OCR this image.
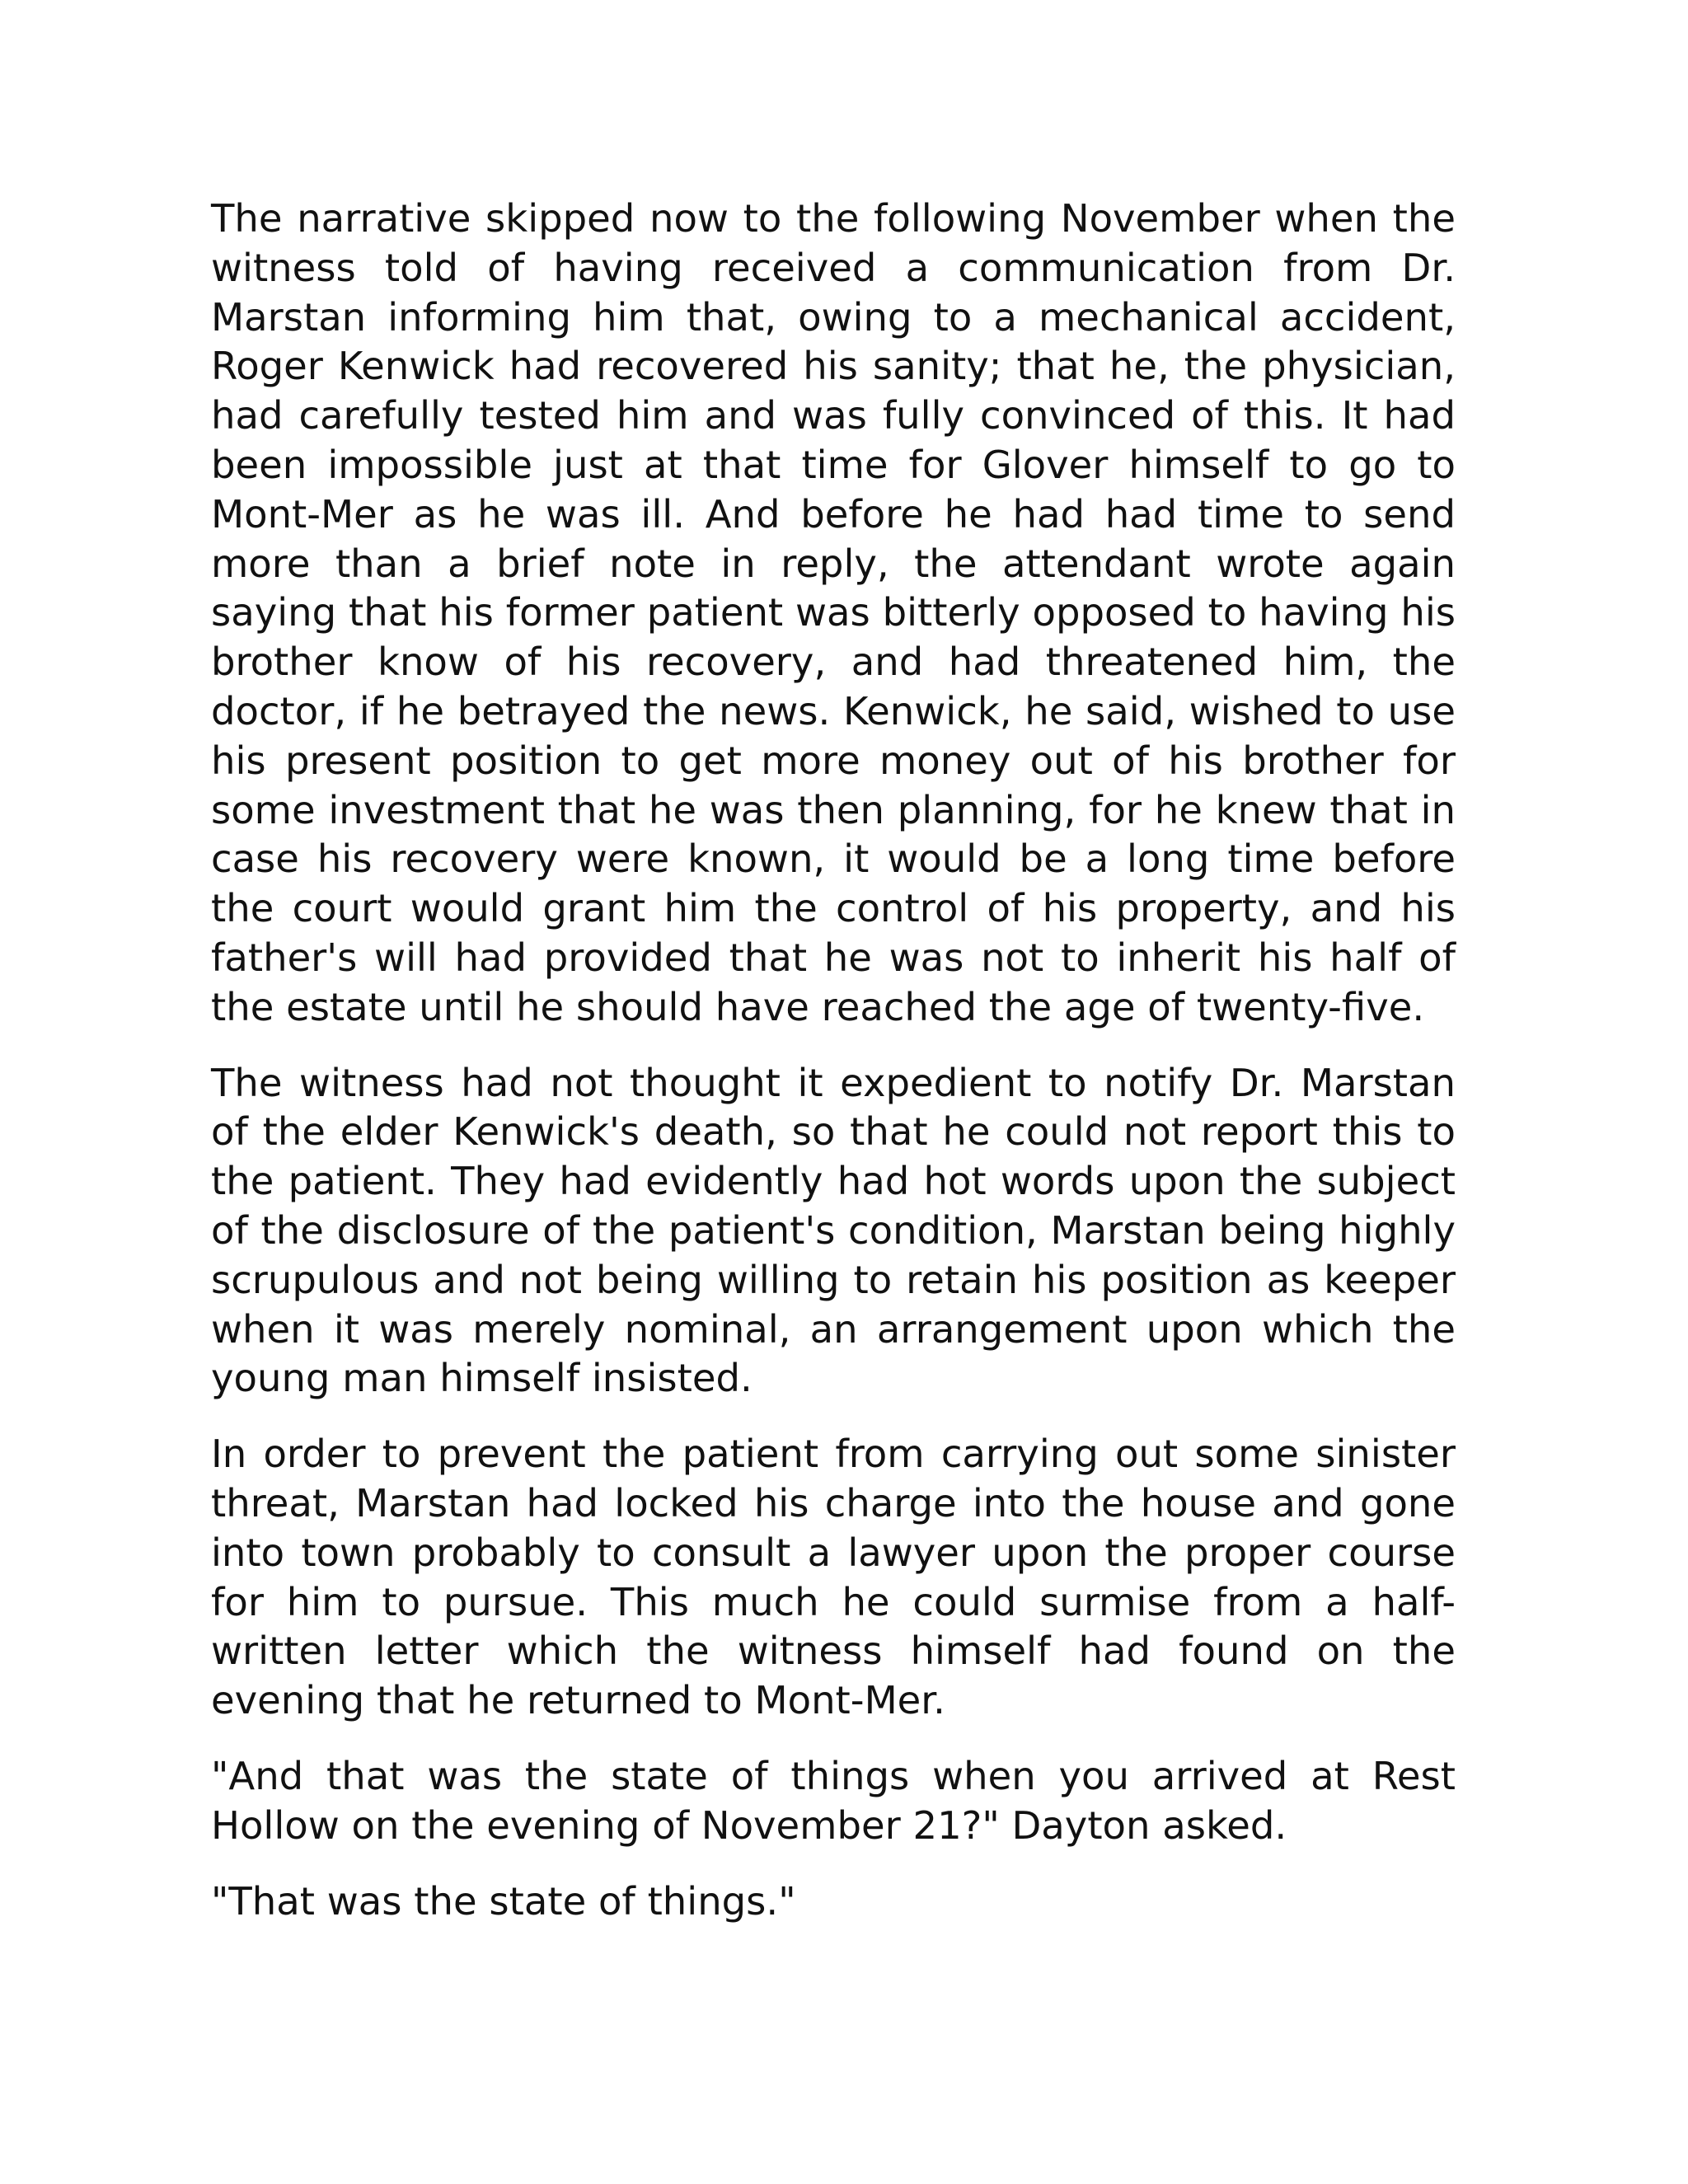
The narrative skipped now to the following November when the witness told of having received a communication from Dr. Marstan informing him that, owing to a mechanical accident, Roger Kenwick had recovered his sanity; that he, the physician, had carefully tested him and was fully convinced of this. It had been impossible just at that time for Glover himself to go to Mont-Mer as he was ill. And before he had had time to send more than a brief note in reply, the attendant wrote again saying that his former patient was bitterly opposed to having his brother know of his recovery, and had threatened him, the doctor, if he betrayed the news. Kenwick, he said, wished to use his present position to get more money out of his brother for some investment that he was then planning, for he knew that in case his recovery were known, it would be a long time before the court would grant him the control of his property, and his father's will had provided that he was not to inherit his half of the estate until he should have reached the age of twenty-five.

The witness had not thought it expedient to notify Dr. Marstan of the elder Kenwick's death, so that he could not report this to the patient. They had evidently had hot words upon the subject of the disclosure of the patient's condition, Marstan being highly scrupulous and not being willing to retain his position as keeper when it was merely nominal, an arrangement upon which the young man himself insisted.

In order to prevent the patient from carrying out some sinister threat, Marstan had locked his charge into the house and gone into town probably to consult a lawyer upon the proper course for him to pursue. This much he could surmise from a half-written letter which the witness himself had found on the evening that he returned to Mont-Mer.

"And that was the state of things when you arrived at Rest Hollow on the evening of November 21?" Dayton asked.

"That was the state of things."
